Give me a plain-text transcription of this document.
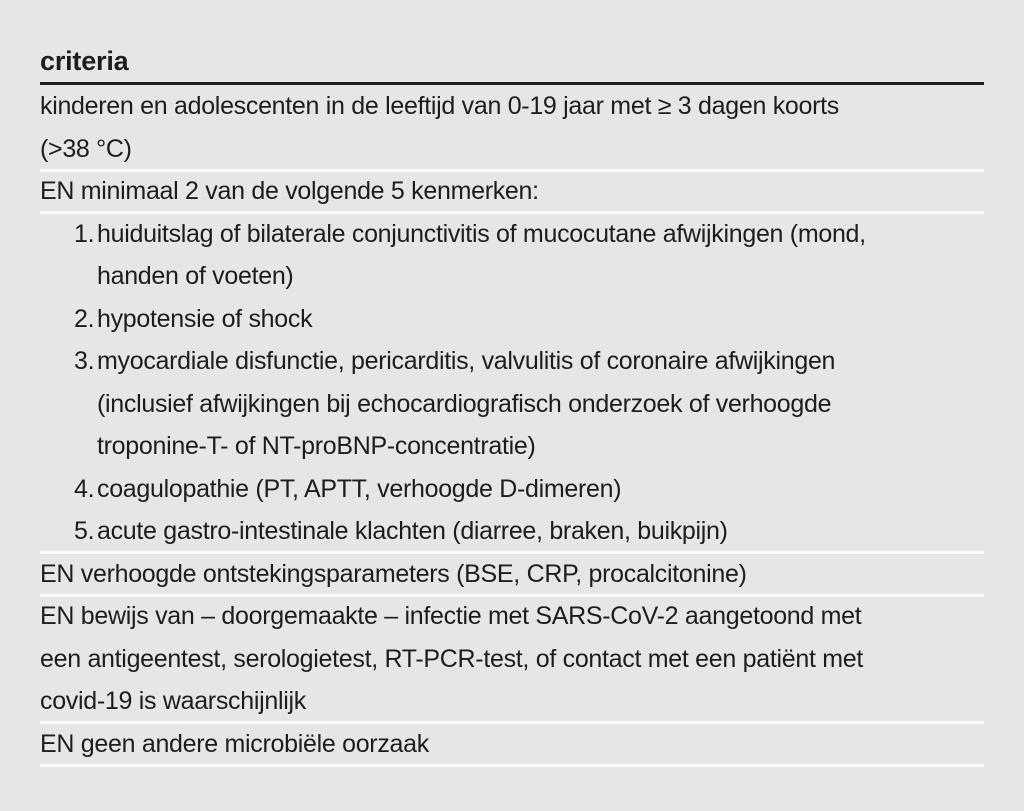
criteria
kinderen en adolescenten in de leeftijd van 0-19 jaar met ≥ 3 dagen koorts
(>38 °C)
EN minimaal 2 van de volgende 5 kenmerken:
1. huiduitslag of bilaterale conjunctivitis of mucocutane afwijkingen (mond,
handen of voeten)
2. hypotensie of shock
3. myocardiale disfunctie, pericarditis, valvulitis of coronaire afwijkingen
(inclusief afwijkingen bij echocardiografisch onderzoek of verhoogde
troponine-T- of NT-proBNP-concentratie)
4. coagulopathie (PT, APTT, verhoogde D-dimeren)
5. acute gastro-intestinale klachten (diarree, braken, buikpijn)
EN verhoogde ontstekingsparameters (BSE, CRP, procalcitonine)
EN bewijs van – doorgemaakte – infectie met SARS-CoV-2 aangetoond met
een antigeentest, serologietest, RT-PCR-test, of contact met een patiënt met
covid-19 is waarschijnlijk
EN geen andere microbiële oorzaak
